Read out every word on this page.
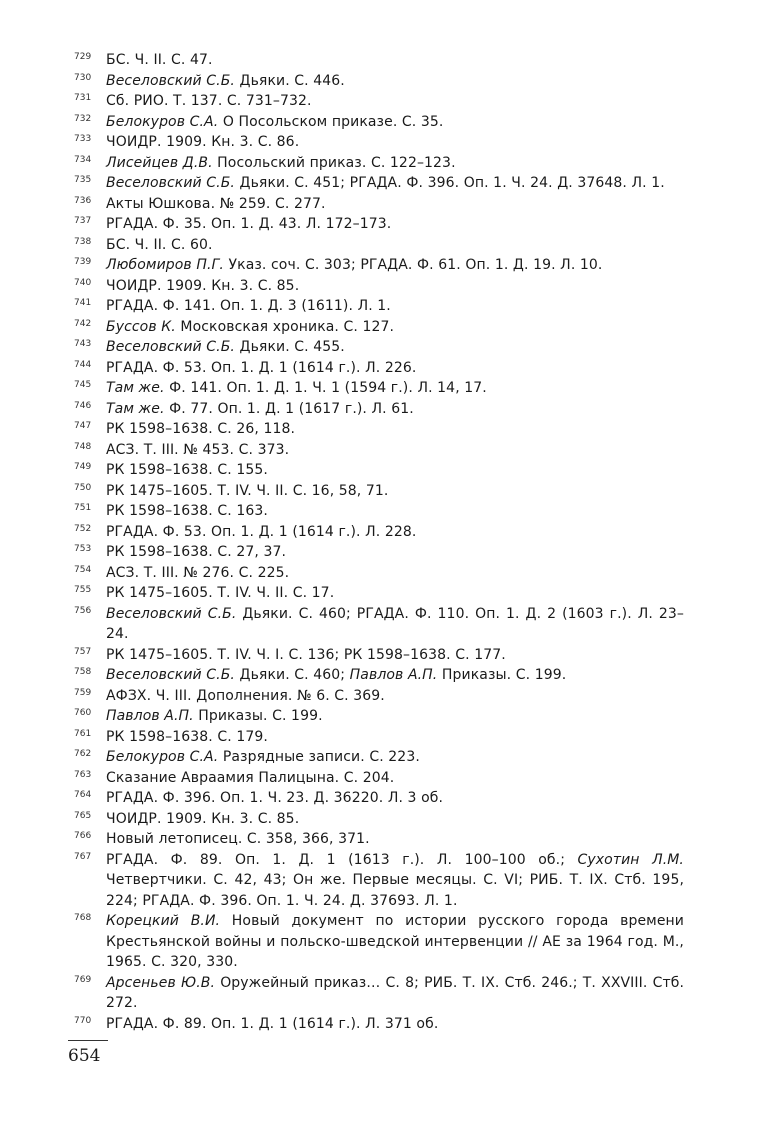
729 БС. Ч. II. С. 47.
730 Веселовский С.Б. Дьяки. С. 446.
731 Сб. РИО. Т. 137. С. 731–732.
732 Белокуров С.А. О Посольском приказе. С. 35.
733 ЧОИДР. 1909. Кн. 3. С. 86.
734 Лисейцев Д.В. Посольский приказ. С. 122–123.
735 Веселовский С.Б. Дьяки. С. 451; РГАДА. Ф. 396. Оп. 1. Ч. 24. Д. 37648. Л. 1.
736 Акты Юшкова. № 259. С. 277.
737 РГАДА. Ф. 35. Оп. 1. Д. 43. Л. 172–173.
738 БС. Ч. II. С. 60.
739 Любомиров П.Г. Указ. соч. С. 303; РГАДА. Ф. 61. Оп. 1. Д. 19. Л. 10.
740 ЧОИДР. 1909. Кн. 3. С. 85.
741 РГАДА. Ф. 141. Оп. 1. Д. 3 (1611). Л. 1.
742 Буссов К. Московская хроника. С. 127.
743 Веселовский С.Б. Дьяки. С. 455.
744 РГАДА. Ф. 53. Оп. 1. Д. 1 (1614 г.). Л. 226.
745 Там же. Ф. 141. Оп. 1. Д. 1. Ч. 1 (1594 г.). Л. 14, 17.
746 Там же. Ф. 77. Оп. 1. Д. 1 (1617 г.). Л. 61.
747 РК 1598–1638. С. 26, 118.
748 АСЗ. Т. III. № 453. С. 373.
749 РК 1598–1638. С. 155.
750 РК 1475–1605. Т. IV. Ч. II. С. 16, 58, 71.
751 РК 1598–1638. С. 163.
752 РГАДА. Ф. 53. Оп. 1. Д. 1 (1614 г.). Л. 228.
753 РК 1598–1638. С. 27, 37.
754 АСЗ. Т. III. № 276. С. 225.
755 РК 1475–1605. Т. IV. Ч. II. С. 17.
756 Веселовский С.Б. Дьяки. С. 460; РГАДА. Ф. 110. Оп. 1. Д. 2 (1603 г.). Л. 23–24.
757 РК 1475–1605. Т. IV. Ч. I. С. 136; РК 1598–1638. С. 177.
758 Веселовский С.Б. Дьяки. С. 460; Павлов А.П. Приказы. С. 199.
759 АФЗХ. Ч. III. Дополнения. № 6. С. 369.
760 Павлов А.П. Приказы. С. 199.
761 РК 1598–1638. С. 179.
762 Белокуров С.А. Разрядные записи. С. 223.
763 Сказание Авраамия Палицына. С. 204.
764 РГАДА. Ф. 396. Оп. 1. Ч. 23. Д. 36220. Л. 3 об.
765 ЧОИДР. 1909. Кн. 3. С. 85.
766 Новый летописец. С. 358, 366, 371.
767 РГАДА. Ф. 89. Оп. 1. Д. 1 (1613 г.). Л. 100–100 об.; Сухотин Л.М. Четвертчики. С. 42, 43; Он же. Первые месяцы. С. VI; РИБ. Т. IX. Стб. 195, 224; РГАДА. Ф. 396. Оп. 1. Ч. 24. Д. 37693. Л. 1.
768 Корецкий В.И. Новый документ по истории русского города времени Крестьянской войны и польско-шведской интервенции // АЕ за 1964 год. М., 1965. С. 320, 330.
769 Арсеньев Ю.В. Оружейный приказ… С. 8; РИБ. Т. IX. Стб. 246.; Т. XXVIII. Стб. 272.
770 РГАДА. Ф. 89. Оп. 1. Д. 1 (1614 г.). Л. 371 об.
654
